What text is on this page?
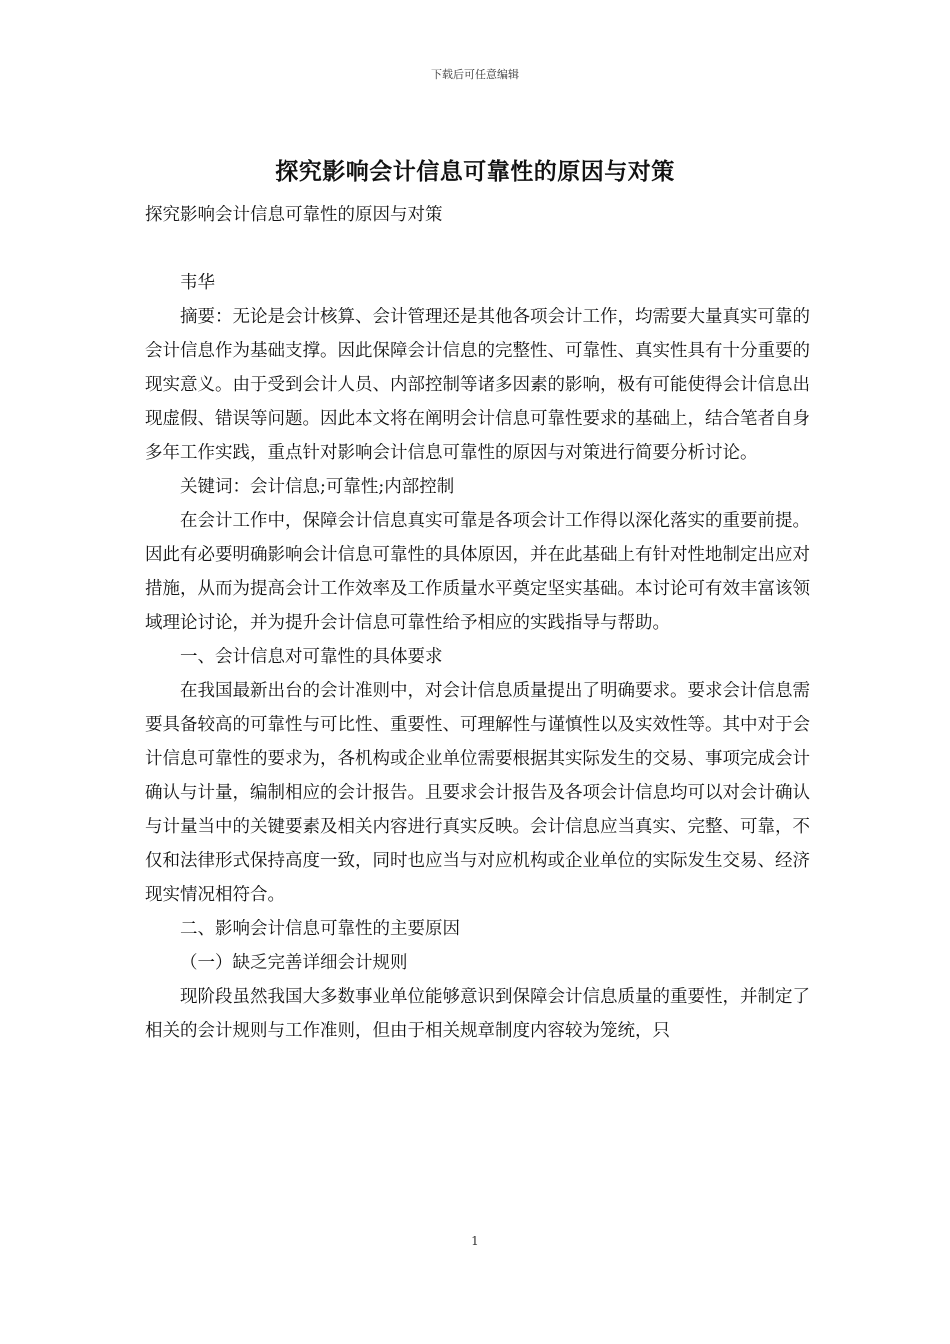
下载后可任意编辑
探究影响会计信息可靠性的原因与对策

探究影响会计信息可靠性的原因与对策

韦华

摘要：无论是会计核算、会计管理还是其他各项会计工作，均需要大量真实可靠的会计信息作为基础支撑。因此保障会计信息的完整性、可靠性、真实性具有十分重要的现实意义。由于受到会计人员、内部控制等诸多因素的影响，极有可能使得会计信息出现虚假、错误等问题。因此本文将在阐明会计信息可靠性要求的基础上，结合笔者自身多年工作实践，重点针对影响会计信息可靠性的原因与对策进行简要分析讨论。

关键词：会计信息;可靠性;内部控制

在会计工作中，保障会计信息真实可靠是各项会计工作得以深化落实的重要前提。因此有必要明确影响会计信息可靠性的具体原因，并在此基础上有针对性地制定出应对措施，从而为提高会计工作效率及工作质量水平奠定坚实基础。本讨论可有效丰富该领域理论讨论，并为提升会计信息可靠性给予相应的实践指导与帮助。

一、会计信息对可靠性的具体要求

在我国最新出台的会计准则中，对会计信息质量提出了明确要求。要求会计信息需要具备较高的可靠性与可比性、重要性、可理解性与谨慎性以及实效性等。其中对于会计信息可靠性的要求为，各机构或企业单位需要根据其实际发生的交易、事项完成会计确认与计量，编制相应的会计报告。且要求会计报告及各项会计信息均可以对会计确认与计量当中的关键要素及相关内容进行真实反映。会计信息应当真实、完整、可靠，不仅和法律形式保持高度一致，同时也应当与对应机构或企业单位的实际发生交易、经济现实情况相符合。

二、影响会计信息可靠性的主要原因

（一）缺乏完善详细会计规则

现阶段虽然我国大多数事业单位能够意识到保障会计信息质量的重要性，并制定了相关的会计规则与工作准则，但由于相关规章制度内容较为笼统，只

1
